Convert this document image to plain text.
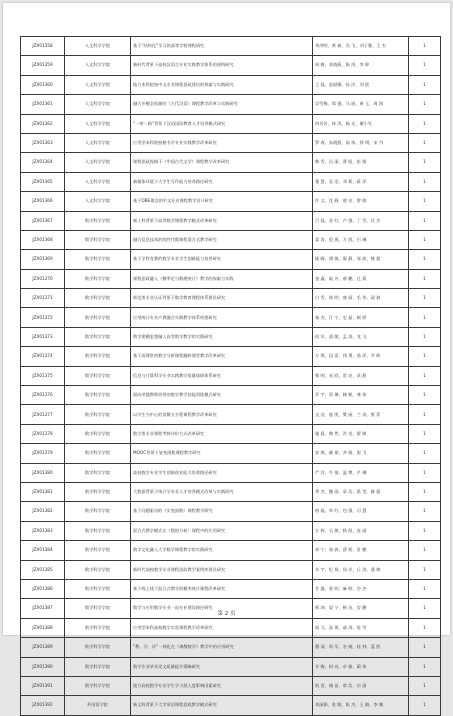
JZX01358	人文科学学院	基于“结构化”学习的高等学校课程研究	李洪明、黄 斌、冯 飞、刘子雅、王 杰	1
JZX01359	人文科学学院	新时代背景下高校汉语言专业实践教学体系的建构研究	周 梅、张晓燕、陈 涛、李 婷	1
JZX01360	人文科学学院	地方本科院校中文专业课程思政建设的探索与实践研究	王 磊、赵丽娜、孙 洋、刘 波	1
JZX01361	人文科学学院	融合多模态资源的《古代汉语》课程教学改革与实践研究	吴雪梅、郑 强、马 丽、黄 玉、周 海	1
JZX01362	人文科学学院	“一带一路”背景下汉语国际教育人才培养模式研究	何芳芳、林 涛、杨 光、谢小军	1
JZX01363	人文科学学院	应用型本科院校秘书学专业实践教学改革研究	罗 春、朱晓燕、高 伟、徐 明、宋 丹	1
JZX01364	人文科学学院	课程思政视域下《中国古代文学》课程教学改革研究	韩 雪、冯 丽、曹 阳、彭 娟	1
JZX01365	人文科学学院	新媒体环境下大学生写作能力培养路径研究	董 慧、袁 浩、邓 莉、蒋 萍	1
JZX01366	人文科学学院	基于OBE理念的中文专业课程教学设计研究	许 文、沈 静、唐 亮、曾 敏	1
JZX01367	数学科学学院	新工科背景下高等数学课程教学模式改革研究	吕 磊、苏 红、卢 强、丁 雪、任 杰	1
JZX01368	数学科学学院	融合信息技术的线性代数课程混合式教学研究	姜 涛、范 燕、方 凯、石 琳	1
JZX01369	数学科学学院	基于学科竞赛的数学专业学生创新能力培养研究	姚 峰、谭 敏、廖 静、邹 波、熊 超	1
JZX01370	数学科学学院	课程思政融入《概率论与数理统计》教学的探索与实践	金 鑫、陆 芳、郝 鹏、孔 燕	1
JZX01371	数学科学学院	师范类专业认证背景下数学教育课程体系建设研究	白 雪、崔 明、康 丽、毛 华、邱 斌	1
JZX01372	数学科学学院	应用统计专业产教融合实践教学体系构建研究	秦 杰、江 宁、史 磊、顾 婷	1
JZX01373	数学科学学院	数学建模思想融入高等数学教学的实践研究	侯 军、邵 敏、孟 涛、龙 飞	1
JZX01374	数学科学学院	基于雨课堂的数学分析课程翻转课堂教学改革研究	万 琪、段 雷、钱 勇、汤 萍、尹 辉	1
JZX01375	数学科学学院	信息与计算科学专业实践教学质量保障体系研究	黎 明、易 欣、常 亮、武 静	1
JZX01376	数学科学学院	面向卓越教师培养的数学教学技能训练模式研究	乔 宇、贺 琳、赖 帆、龚 伟	1
JZX01377	数学科学学院	以学生为中心的常微分方程课程教学改革研究	文 洁、庞 凯、樊 丽、兰 涛、殷 菲	1
JZX01378	数学科学学院	数学类专业课程考核评价方式改革研究	施 晨、陶 然、洪 亮、翟 敏	1
JZX01379	数学科学学院	MOOC背景下复变函数课程教学研究	安 琪、颜 斌、齐 娟、倪 飞	1
JZX01380	数学科学学院	高校数学专业学生创新创业能力培养路径研究	严 洋、牛 倩、温 博、芦 琳	1
JZX01381	数学科学学院	大数据背景下统计学专业人才培养模式改革与实践研究	季 杰、鲍 雨、章 浩、葛 莹、滕 超	1
JZX01382	数学科学学院	基于问题驱动的《实变函数》课程教学研究	柏 磊、单 红、包 强、司 慧	1
JZX01383	数学科学学院	混合式教学模式在《数值分析》课程中的应用研究	左 辉、石 敏、秋 阳、连 丽	1
JZX01384	数学科学学院	数学文化融入大学数学课程教学的实践研究	祁 宁、骆 波、薛 娇、雷 鹏	1
JZX01385	数学科学学院	新时代高校数学专业课程思政教学案例库建设研究	车 宇、纪 扬、屈 芳、丘 涛、蒲 梅	1
JZX01386	数学科学学院	基于线上线下混合式教学的概率统计课程改革研究	甘 露、景 明、麻 婷、冷 杰	1
JZX01387	数学科学学院	数学与应用数学专业一流专业建设路径研究	邢 坤、晏 宁、靳 洁、房 鹏	1
JZX01388	数学科学学院	应用型本科高校数学实验课程教学改革研究	阎 飞、汲 琪、戚 涛、詹 雪	1
JZX01389	数学科学学院	“教、学、评”一体化在《离散数学》教学中的应用研究	穆 清、尚 军、农 婉、桂 林、蓝 凯	1
JZX01390	数学科学学院	数学专业毕业论文质量提升策略研究	辛 梅、柯 亮、卓 雅、蔺 伟	1
JZX01391	数学科学学院	地方高校数学专业学生学习投入度影响因素研究	杭 雷、储 苗、席 浩、宗 丽	1
JZX01392	外国语学院	新文科背景下大学英语课程思政教学模式研究	刘丽娟、张 敏、陈 杰、王 晓、李 娜	1
第 2 页
